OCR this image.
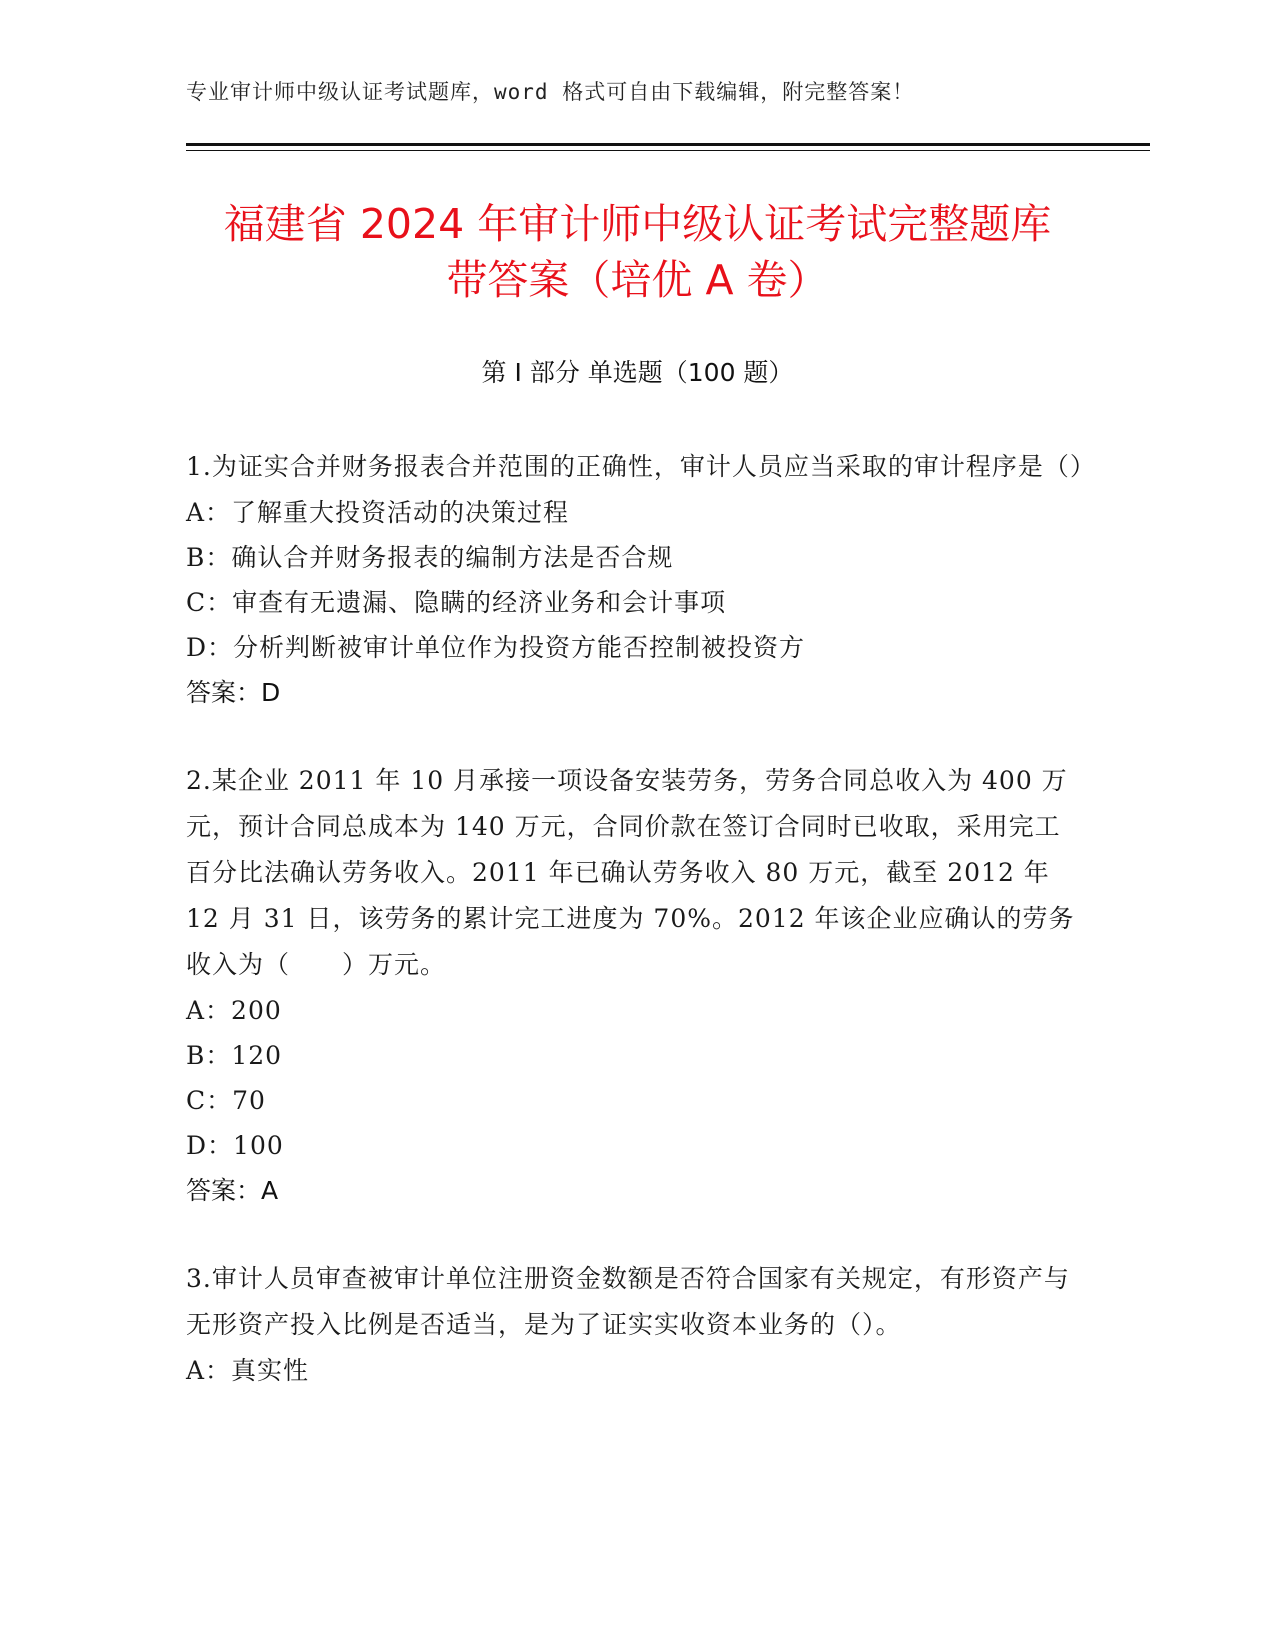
专业审计师中级认证考试题库，word 格式可自由下载编辑，附完整答案！
福建省 2024 年审计师中级认证考试完整题库
带答案（培优 A 卷）
第 I 部分 单选题（100 题）
1.为证实合并财务报表合并范围的正确性，审计人员应当采取的审计程序是（）
A：了解重大投资活动的决策过程
B：确认合并财务报表的编制方法是否合规
C：审查有无遗漏、隐瞒的经济业务和会计事项
D：分析判断被审计单位作为投资方能否控制被投资方
答案：D
2.某企业 2011 年 10 月承接一项设备安装劳务，劳务合同总收入为 400 万元，预计合同总成本为 140 万元，合同价款在签订合同时已收取，采用完工百分比法确认劳务收入。2011 年已确认劳务收入 80 万元，截至 2012 年 12 月 31 日，该劳务的累计完工进度为 70%。2012 年该企业应确认的劳务收入为（　　）万元。
A：200
B：120
C：70
D：100
答案：A
3.审计人员审查被审计单位注册资金数额是否符合国家有关规定，有形资产与无形资产投入比例是否适当，是为了证实实收资本业务的（）。
A：真实性
